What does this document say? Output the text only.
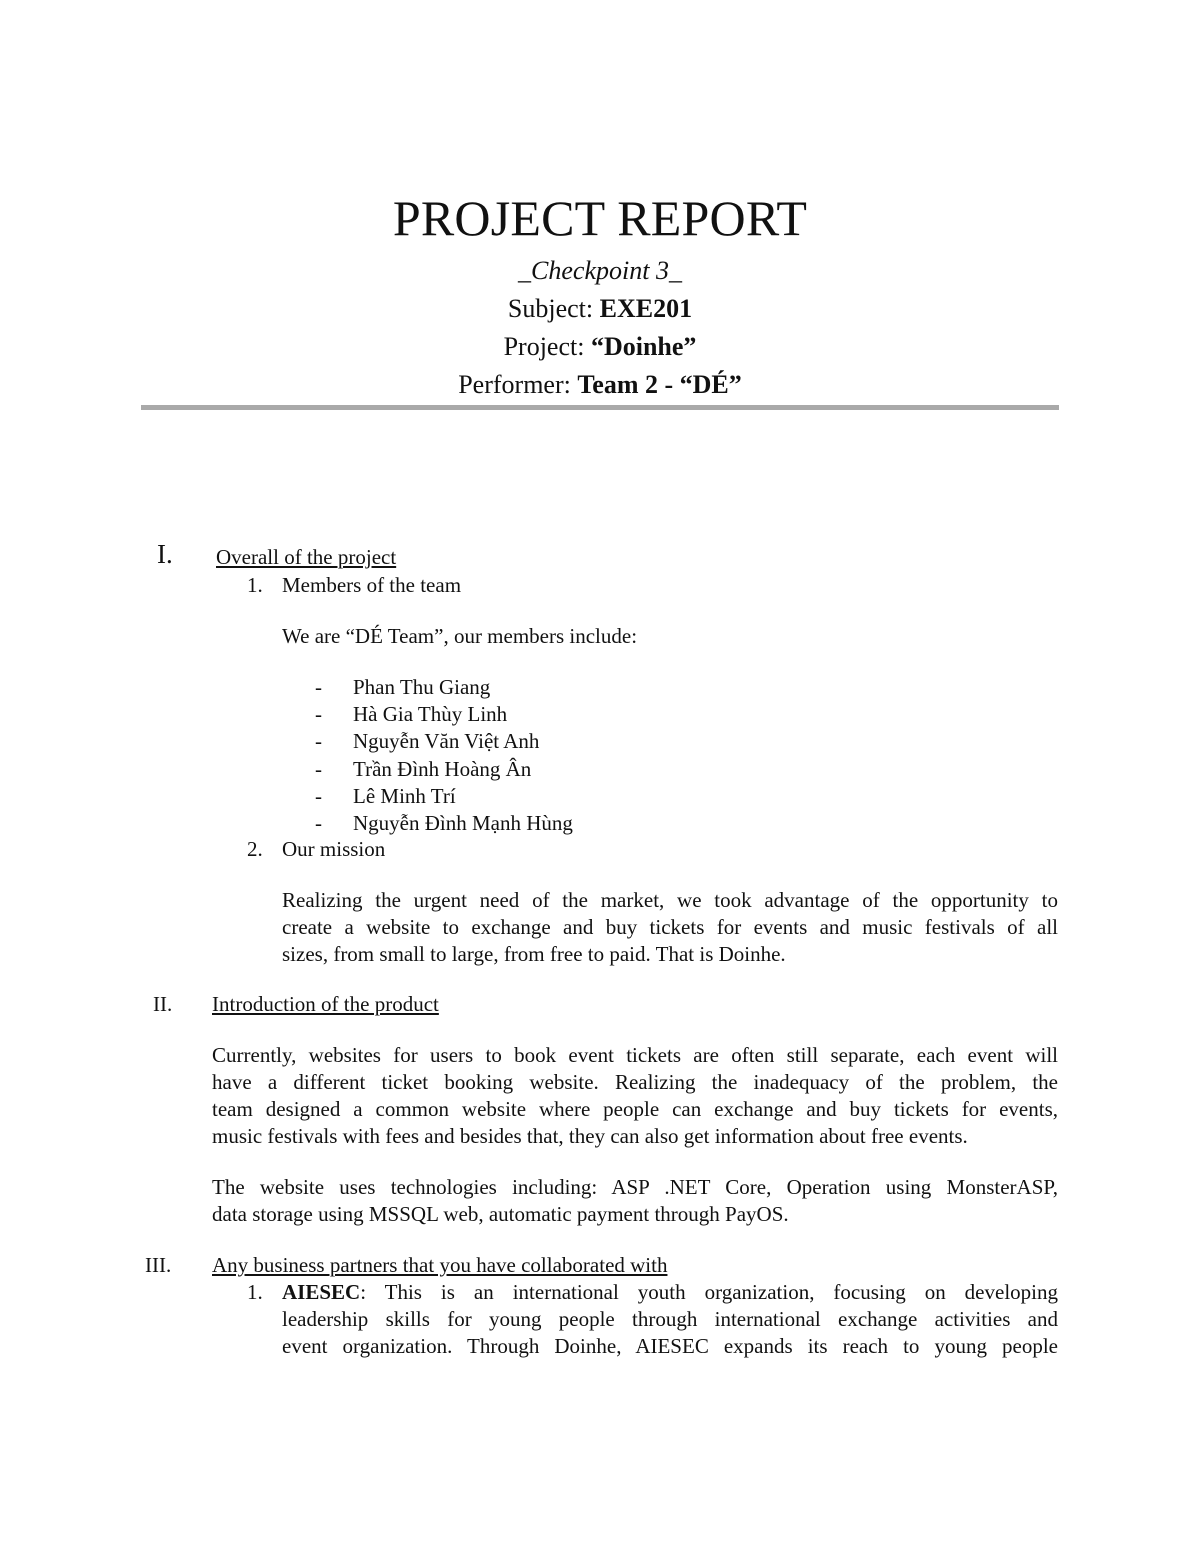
PROJECT REPORT
_Checkpoint 3_
Subject: EXE201
Project: “Doinhe”
Performer: Team 2 - “DÉ”
I. Overall of the project
1. Members of the team
We are “DÉ Team”, our members include:
-	Phan Thu Giang
-	Hà Gia Thùy Linh
-	Nguyễn Văn Việt Anh
-	Trần Đình Hoàng Ân
-	Lê Minh Trí
-	Nguyễn Đình Mạnh Hùng
2. Our mission
Realizing the urgent need of the market, we took advantage of the opportunity to
create a website to exchange and buy tickets for events and music festivals of all
sizes, from small to large, from free to paid. That is Doinhe.
II. Introduction of the product
Currently, websites for users to book event tickets are often still separate, each event will
have a different ticket booking website. Realizing the inadequacy of the problem, the
team designed a common website where people can exchange and buy tickets for events,
music festivals with fees and besides that, they can also get information about free events.
The website uses technologies including: ASP .NET Core, Operation using MonsterASP,
data storage using MSSQL web, automatic payment through PayOS.
III. Any business partners that you have collaborated with
1. AIESEC: This is an international youth organization, focusing on developing
leadership skills for young people through international exchange activities and
event organization. Through Doinhe, AIESEC expands its reach to young people
